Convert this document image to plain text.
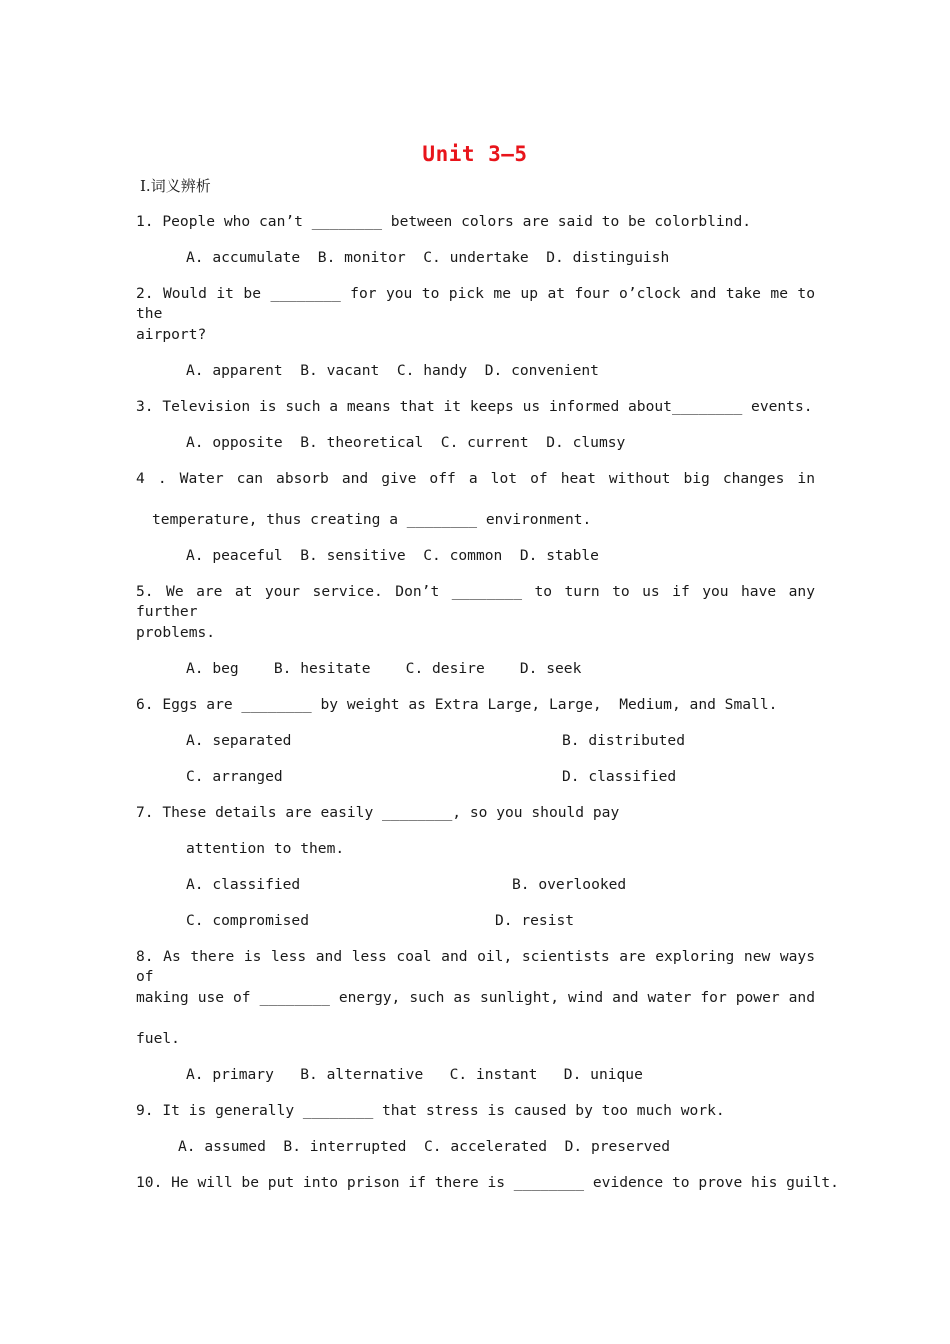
Unit 3—5
Ⅰ.词义辨析
1. People who can’t ________ between colors are said to be colorblind.
A. accumulate  B. monitor  C. undertake  D. distinguish
2. Would it be ________ for you to pick me up at four o’clock and take me to the
airport?
A. apparent  B. vacant  C. handy  D. convenient
3. Television is such a means that it keeps us informed about________ events.
A. opposite  B. theoretical  C. current  D. clumsy
4 . Water can absorb and give off a lot of heat without big changes in
temperature, thus creating a ________ environment.
A. peaceful  B. sensitive  C. common  D. stable
5. We are at your service. Don’t ________ to turn to us if you have any further
problems.
A. beg    B. hesitate    C. desire    D. seek
6. Eggs are ________ by weight as Extra Large, Large,  Medium, and Small.
A. separated	B. distributed
C. arranged	D. classified
7. These details are easily ________, so you should pay
attention to them.
A. classified	B. overlooked
C. compromised	D. resist
8. As there is less and less coal and oil, scientists are exploring new ways of
making use of ________ energy, such as sunlight, wind and water for power and
fuel.
A. primary   B. alternative   C. instant   D. unique
9. It is generally ________ that stress is caused by too much work.
A. assumed  B. interrupted  C. accelerated  D. preserved
10. He will be put into prison if there is ________ evidence to prove his guilt.
